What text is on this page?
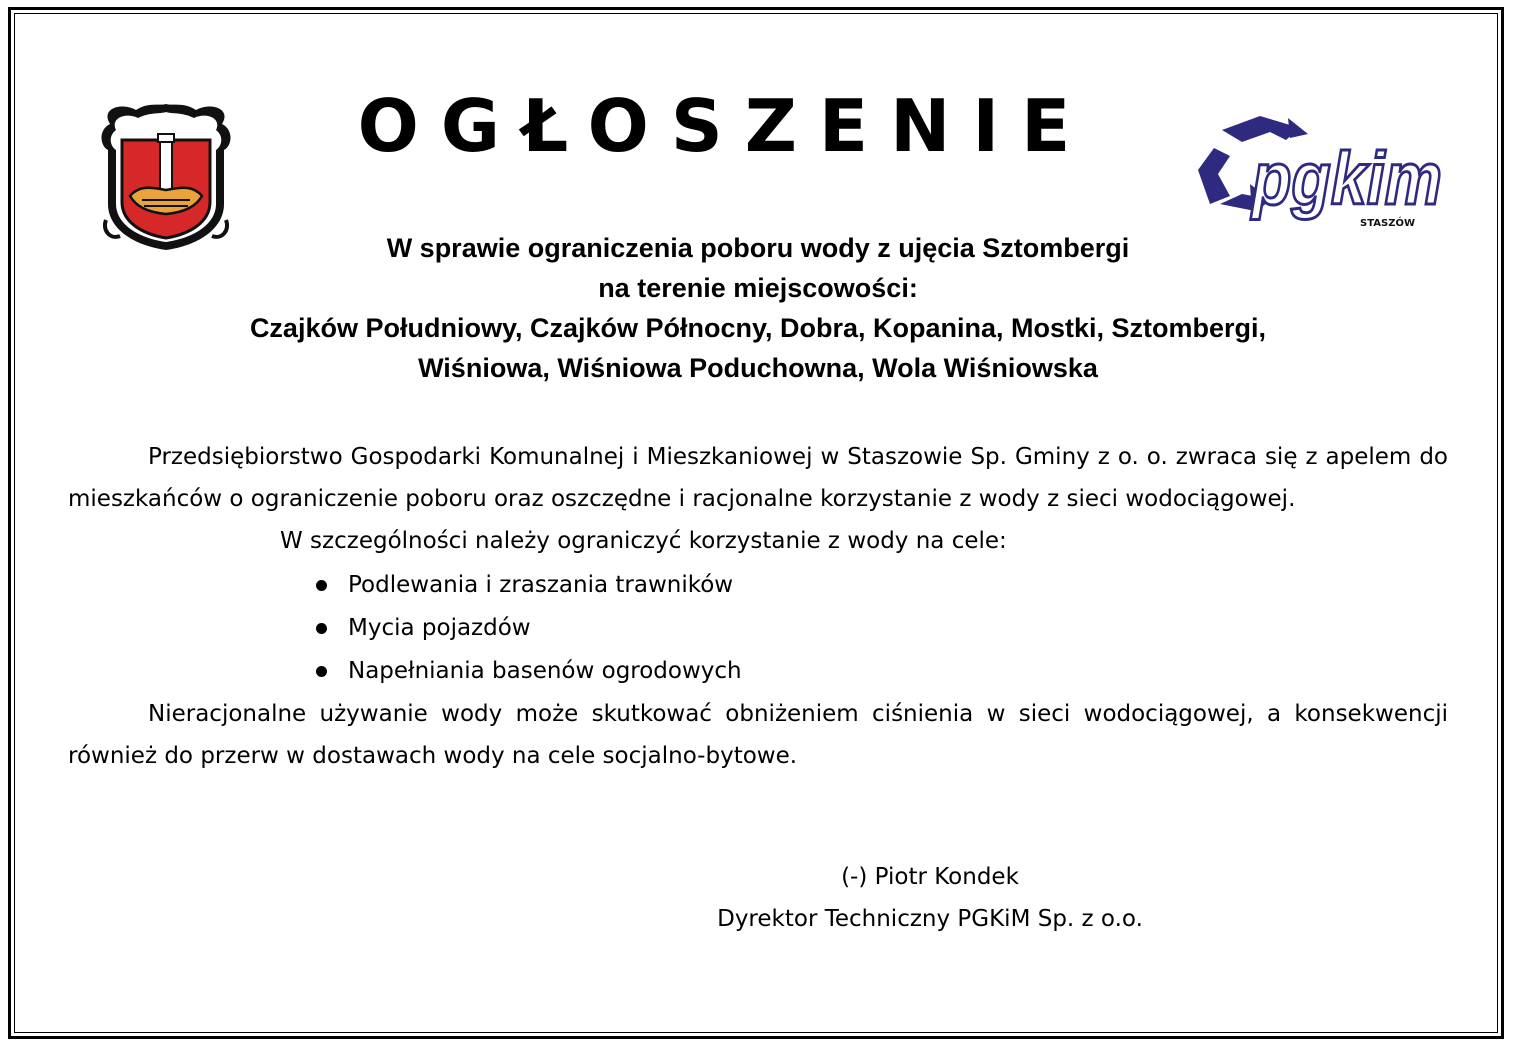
OGŁOSZENIE
pgkim
STASZÓW
W sprawie ograniczenia poboru wody z ujęcia Sztombergi
na terenie miejscowości:
Czajków Południowy, Czajków Północny, Dobra, Kopanina, Mostki, Sztombergi,
Wiśniowa, Wiśniowa Poduchowna, Wola Wiśniowska

Przedsiębiorstwo Gospodarki Komunalnej i Mieszkaniowej w Staszowie Sp. Gminy z o. o. zwraca się z apelem do mieszkańców o ograniczenie poboru oraz oszczędne i racjonalne korzystanie z wody z sieci wodociągowej.

W szczególności należy ograniczyć korzystanie z wody na cele:

Podlewania i zraszania trawników
Mycia pojazdów
Napełniania basenów ogrodowych

Nieracjonalne używanie wody może skutkować obniżeniem ciśnienia w sieci wodociągowej, a konsekwencji również do przerw w dostawach wody na cele socjalno-bytowe.

(-) Piotr Kondek
Dyrektor Techniczny PGKiM Sp. z o.o.
